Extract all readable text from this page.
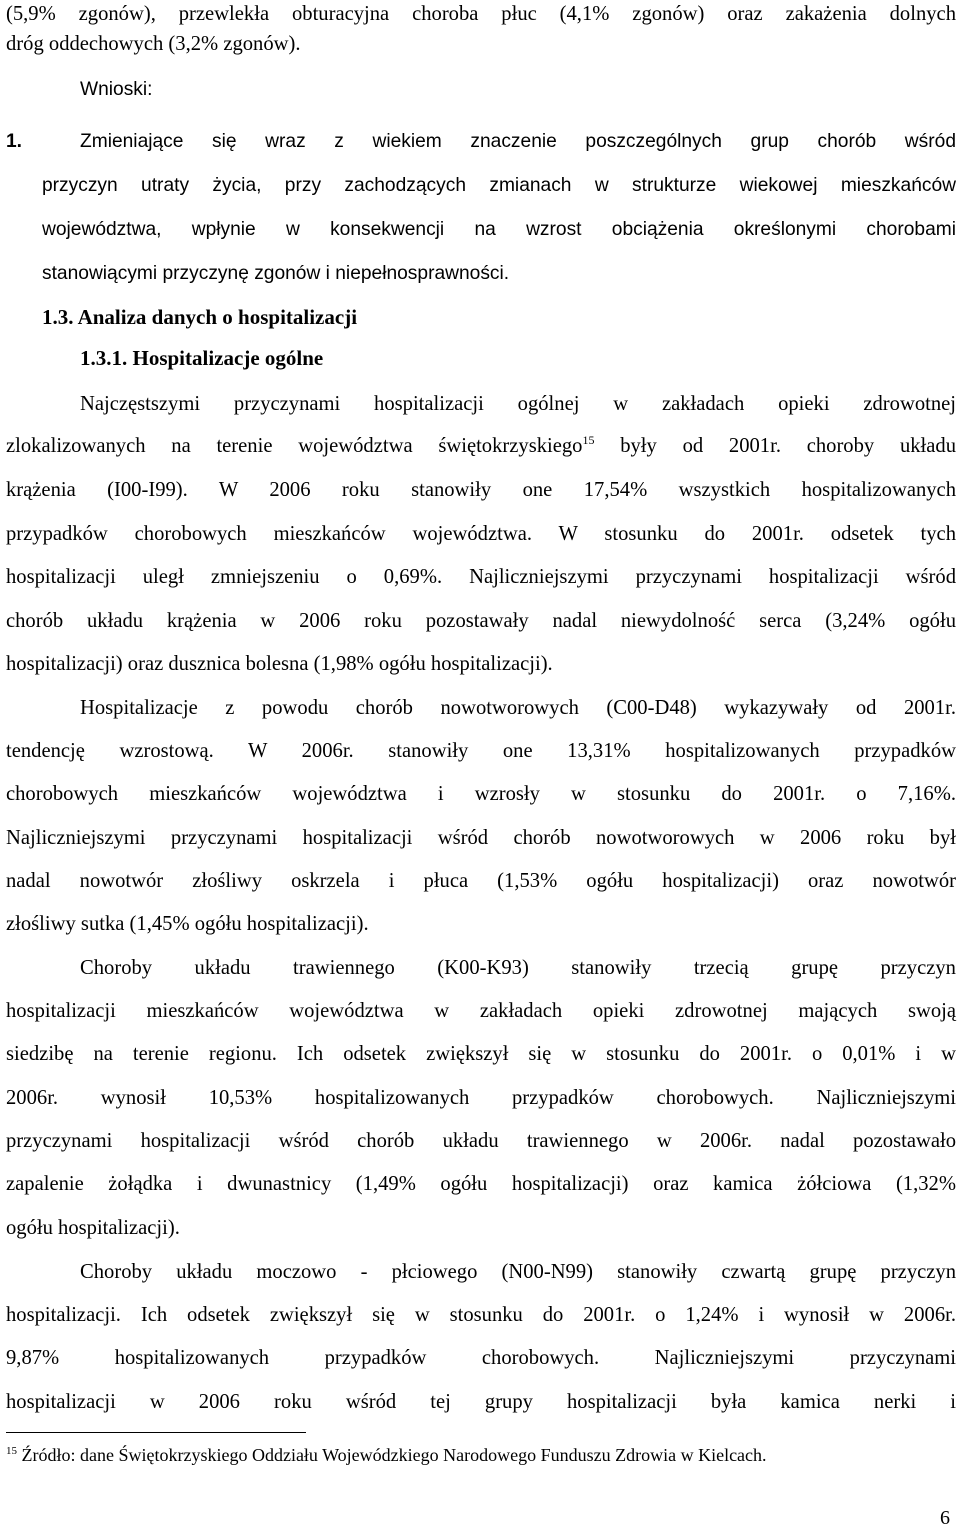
(5,9% zgonów), przewlekła obturacyjna choroba płuc (4,1% zgonów) oraz zakażenia dolnych
dróg oddechowych (3,2% zgonów).
Wnioski:
1.	Zmieniające się wraz z wiekiem znaczenie poszczególnych grup chorób wśród
przyczyn utraty życia, przy zachodzących zmianach w strukturze wiekowej mieszkańców
województwa, wpłynie w konsekwencji na wzrost obciążenia określonymi chorobami
stanowiącymi przyczynę zgonów i niepełnosprawności.
1.3. Analiza danych o hospitalizacji
1.3.1. Hospitalizacje ogólne
Najczęstszymi przyczynami hospitalizacji ogólnej w zakładach opieki zdrowotnej
zlokalizowanych na terenie województwa świętokrzyskiego$^{15}$ były od 2001r. choroby układu
krążenia (I00-I99). W 2006 roku stanowiły one 17,54% wszystkich hospitalizowanych
przypadków chorobowych mieszkańców województwa. W stosunku do 2001r. odsetek tych
hospitalizacji uległ zmniejszeniu o 0,69%. Najliczniejszymi przyczynami hospitalizacji wśród
chorób układu krążenia w 2006 roku pozostawały nadal niewydolność serca (3,24% ogółu
hospitalizacji) oraz dusznica bolesna (1,98% ogółu hospitalizacji).
Hospitalizacje z powodu chorób nowotworowych (C00-D48) wykazywały od 2001r.
tendencję wzrostową. W 2006r. stanowiły one 13,31% hospitalizowanych przypadków
chorobowych mieszkańców województwa i wzrosły w stosunku do 2001r. o 7,16%.
Najliczniejszymi przyczynami hospitalizacji wśród chorób nowotworowych w 2006 roku był
nadal nowotwór złośliwy oskrzela i płuca (1,53% ogółu hospitalizacji) oraz nowotwór
złośliwy sutka (1,45% ogółu hospitalizacji).
Choroby układu trawiennego (K00-K93) stanowiły trzecią grupę przyczyn
hospitalizacji mieszkańców województwa w zakładach opieki zdrowotnej mających swoją
siedzibę na terenie regionu. Ich odsetek zwiększył się w stosunku do 2001r. o 0,01% i w
2006r. wynosił 10,53% hospitalizowanych przypadków chorobowych. Najliczniejszymi
przyczynami hospitalizacji wśród chorób układu trawiennego w 2006r. nadal pozostawało
zapalenie żołądka i dwunastnicy (1,49% ogółu hospitalizacji) oraz kamica żółciowa (1,32%
ogółu hospitalizacji).
Choroby układu moczowo - płciowego (N00-N99) stanowiły czwartą grupę przyczyn
hospitalizacji. Ich odsetek zwiększył się w stosunku do 2001r. o 1,24% i wynosił w 2006r.
9,87% hospitalizowanych przypadków chorobowych. Najliczniejszymi przyczynami
hospitalizacji w 2006 roku wśród tej grupy hospitalizacji była kamica nerki i
$^{15}$ Źródło: dane Świętokrzyskiego Oddziału Wojewódzkiego Narodowego Funduszu Zdrowia w Kielcach.
6
